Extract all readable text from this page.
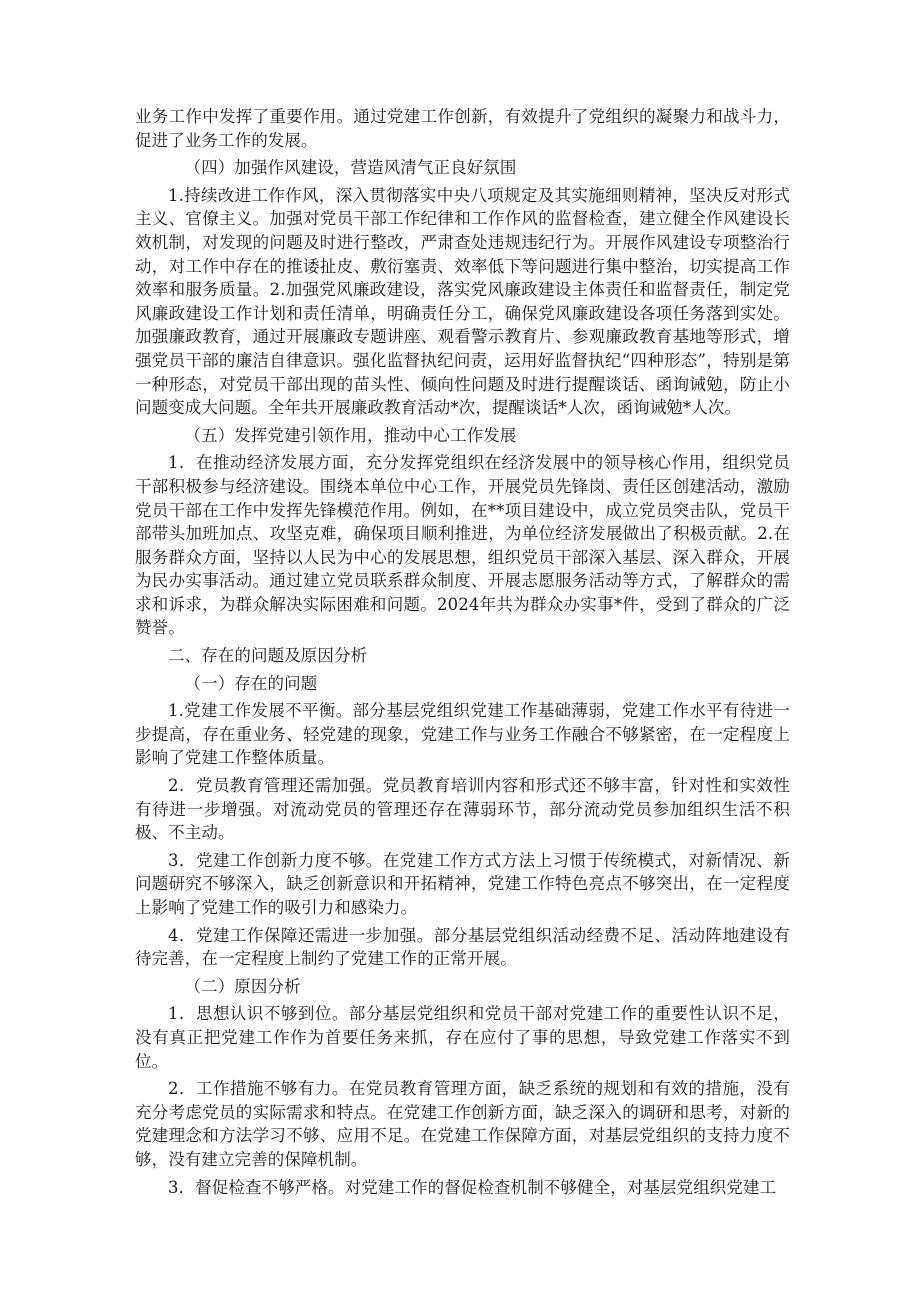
业务工作中发挥了重要作用。通过党建工作创新，有效提升了党组织的凝聚力和战斗力，促进了业务工作的发展。

（四）加强作风建设，营造风清气正良好氛围

1.持续改进工作作风，深入贯彻落实中央八项规定及其实施细则精神，坚决反对形式主义、官僚主义。加强对党员干部工作纪律和工作作风的监督检查，建立健全作风建设长效机制，对发现的问题及时进行整改，严肃查处违规违纪行为。开展作风建设专项整治行动，对工作中存在的推诿扯皮、敷衍塞责、效率低下等问题进行集中整治，切实提高工作效率和服务质量。2.加强党风廉政建设，落实党风廉政建设主体责任和监督责任，制定党风廉政建设工作计划和责任清单，明确责任分工，确保党风廉政建设各项任务落到实处。加强廉政教育，通过开展廉政专题讲座、观看警示教育片、参观廉政教育基地等形式，增强党员干部的廉洁自律意识。强化监督执纪问责，运用好监督执纪“四种形态”，特别是第一种形态，对党员干部出现的苗头性、倾向性问题及时进行提醒谈话、函询诫勉，防止小问题变成大问题。全年共开展廉政教育活动*次，提醒谈话*人次，函询诫勉*人次。

（五）发挥党建引领作用，推动中心工作发展

1．在推动经济发展方面，充分发挥党组织在经济发展中的领导核心作用，组织党员干部积极参与经济建设。围绕本单位中心工作，开展党员先锋岗、责任区创建活动，激励党员干部在工作中发挥先锋模范作用。例如，在**项目建设中，成立党员突击队，党员干部带头加班加点、攻坚克难，确保项目顺利推进，为单位经济发展做出了积极贡献。2.在服务群众方面，坚持以人民为中心的发展思想，组织党员干部深入基层、深入群众，开展为民办实事活动。通过建立党员联系群众制度、开展志愿服务活动等方式，了解群众的需求和诉求，为群众解决实际困难和问题。2024年共为群众办实事*件，受到了群众的广泛赞誉。

二、存在的问题及原因分析

（一）存在的问题

1.党建工作发展不平衡。部分基层党组织党建工作基础薄弱，党建工作水平有待进一步提高，存在重业务、轻党建的现象，党建工作与业务工作融合不够紧密，在一定程度上影响了党建工作整体质量。

2．党员教育管理还需加强。党员教育培训内容和形式还不够丰富，针对性和实效性有待进一步增强。对流动党员的管理还存在薄弱环节，部分流动党员参加组织生活不积极、不主动。

3．党建工作创新力度不够。在党建工作方式方法上习惯于传统模式，对新情况、新问题研究不够深入，缺乏创新意识和开拓精神，党建工作特色亮点不够突出，在一定程度上影响了党建工作的吸引力和感染力。

4．党建工作保障还需进一步加强。部分基层党组织活动经费不足、活动阵地建设有待完善，在一定程度上制约了党建工作的正常开展。

（二）原因分析

1．思想认识不够到位。部分基层党组织和党员干部对党建工作的重要性认识不足，没有真正把党建工作作为首要任务来抓，存在应付了事的思想，导致党建工作落实不到位。

2．工作措施不够有力。在党员教育管理方面，缺乏系统的规划和有效的措施，没有充分考虑党员的实际需求和特点。在党建工作创新方面，缺乏深入的调研和思考，对新的党建理念和方法学习不够、应用不足。在党建工作保障方面，对基层党组织的支持力度不够，没有建立完善的保障机制。

3．督促检查不够严格。对党建工作的督促检查机制不够健全，对基层党组织党建工
